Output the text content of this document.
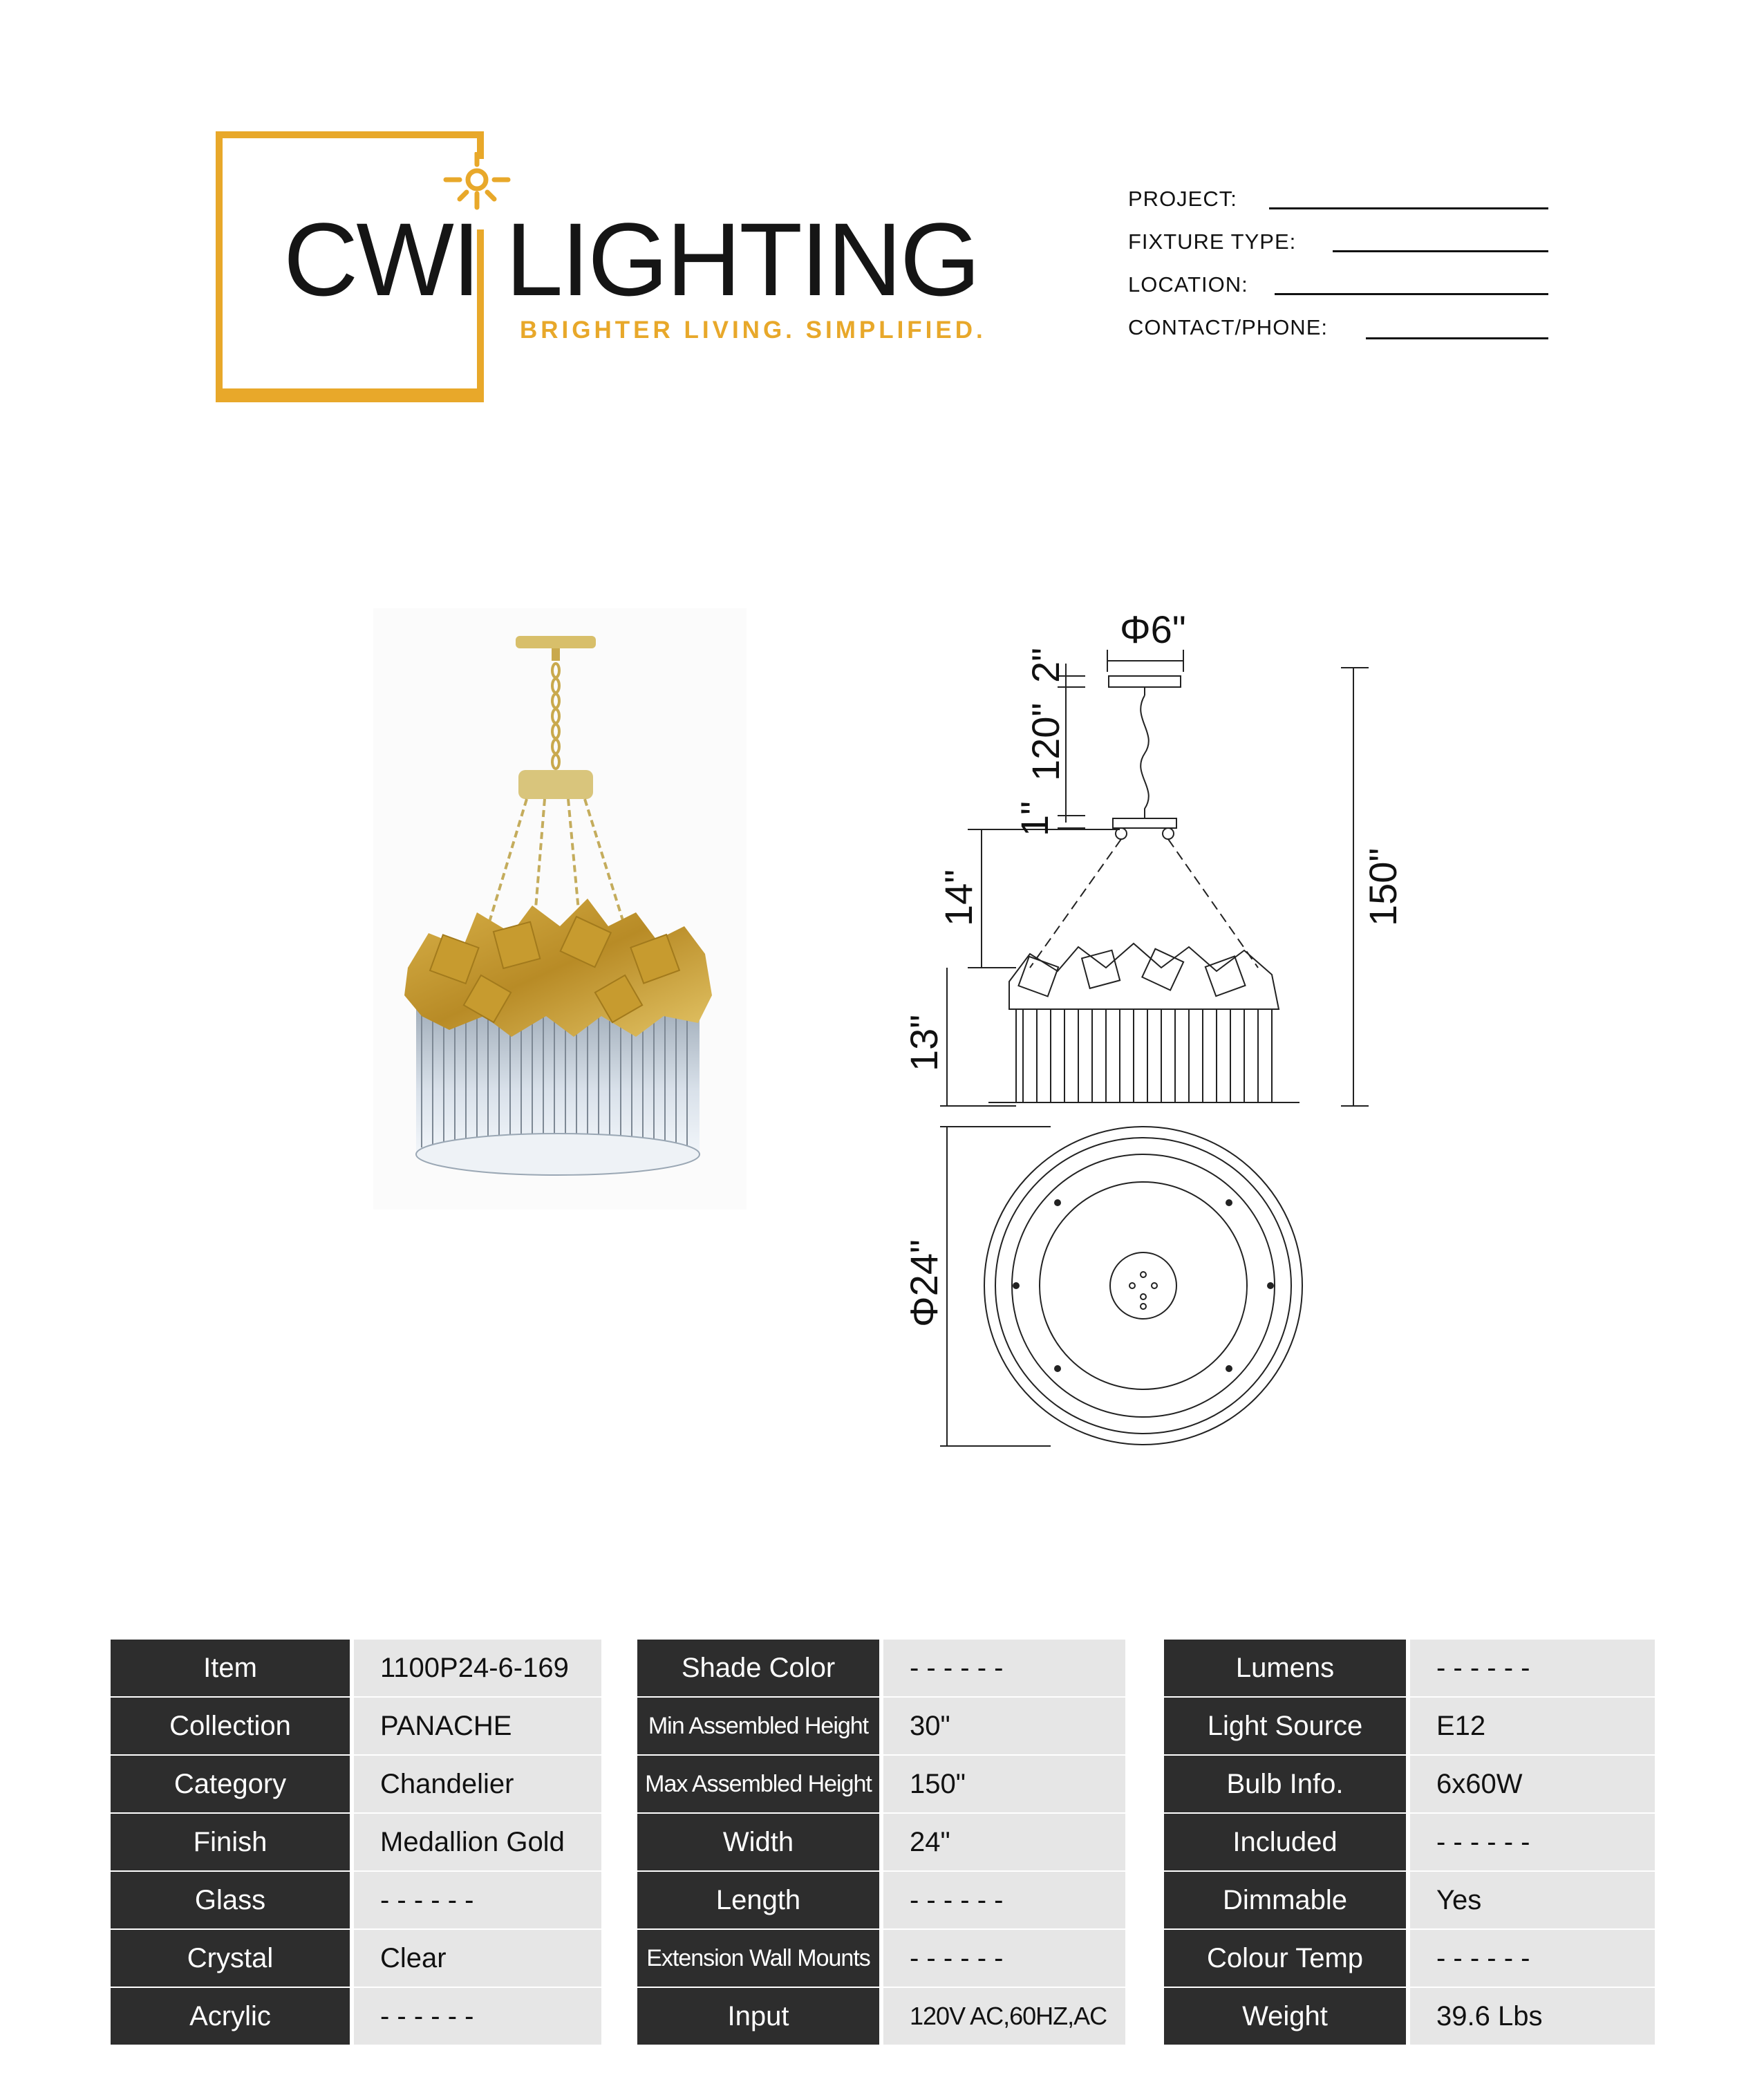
CWI LIGHTING
BRIGHTER LIVING. SIMPLIFIED.
PROJECT:
FIXTURE TYPE:
LOCATION:
CONTACT/PHONE:
Φ6"
2"
120"
1"
14"
13"
150"
Φ24"
Item	1100P24-6-169
Collection	PANACHE
Category	Chandelier
Finish	Medallion Gold
Glass	- - - - - -
Crystal	Clear
Acrylic	- - - - - -
Shade Color	- - - - - -
Min Assembled Height	30"
Max Assembled Height	150"
Width	24"
Length	- - - - - -
Extension Wall Mounts	- - - - - -
Input	120V AC,60HZ,AC
Lumens	- - - - - -
Light Source	E12
Bulb Info.	6x60W
Included	- - - - - -
Dimmable	Yes
Colour Temp	- - - - - -
Weight	39.6 Lbs
